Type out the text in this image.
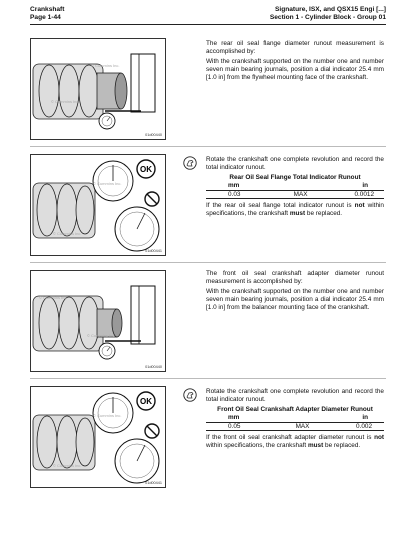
Crankshaft
Page 1-44
Signature, ISX, and QSX15 Engi [...]
Section 1 - Cylinder Block - Group 01
© Cummins Inc.
© Cummins Inc.
01d00440

The rear oil seal flange diameter runout measurement is accomplished by:

With the crankshaft supported on the number one and number seven main bearing journals, position a dial indicator 25.4 mm [1.0 in] from the flywheel mounting face of the crankshaft.

OK
© Cummins Inc.
© Cummins Inc.
01d00441

Rotate the crankshaft one complete revolution and record the total indicator runout.

Rear Oil Seal Flange Total Indicator Runout		
mm		in
0.03	MAX	0.0012

If the rear oil seal flange total indicator runout is not within specifications, the crankshaft must be replaced.

© Cummins Inc.
© Cummins Inc.
01d00440

The front oil seal crankshaft adapter diameter runout measurement is accomplished by:

With the crankshaft supported on the number one and number seven main bearing journals, position a dial indicator 25.4 mm [1.0 in] from the balancer mounting face of the crankshaft.

OK
© Cummins Inc.
© Cummins Inc.
01d00441

Rotate the crankshaft one complete revolution and record the total indicator runout.

Front Oil Seal Crankshaft Adapter Diameter Runout		
mm		in
0.05	MAX	0.002

If the front oil seal crankshaft adapter diameter runout is not within specifications, the crankshaft must be replaced.
